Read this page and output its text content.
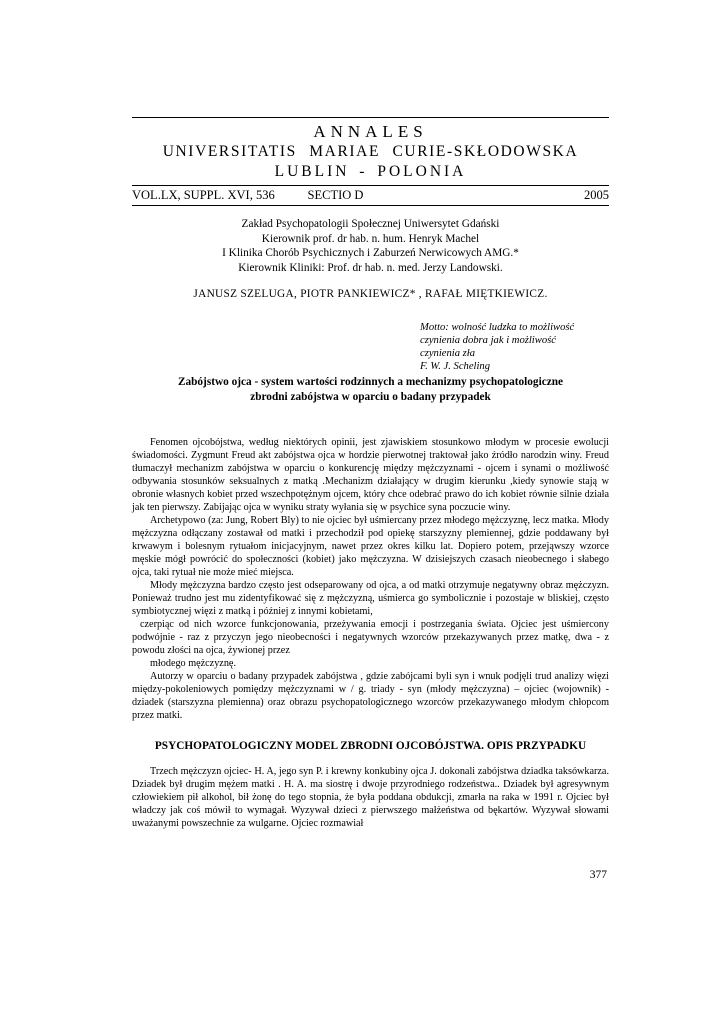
ANNALES
UNIVERSITATIS MARIAE CURIE-SKŁODOWSKA
LUBLIN - POLONIA
VOL.LX, SUPPL. XVI, 536	SECTIO D	2005
Zakład Psychopatologii Społecznej Uniwersytet Gdański
Kierownik prof. dr hab. n. hum. Henryk Machel
I Klinika Chorób Psychicznych i Zaburzeń Nerwicowych AMG.*
Kierownik Kliniki: Prof. dr hab. n. med. Jerzy Landowski.
JANUSZ SZELUGA, PIOTR PANKIEWICZ* , RAFAŁ MIĘTKIEWICZ.
Motto: wolność ludzka to możliwość
czynienia dobra jak i możliwość
czynienia zła
F. W. J. Scheling
Zabójstwo ojca - system wartości rodzinnych a mechanizmy psychopatologiczne
zbrodni zabójstwa w oparciu o badany przypadek

Fenomen ojcobójstwa, według niektórych opinii, jest zjawiskiem stosunkowo młodym w procesie ewolucji świadomości. Zygmunt Freud akt zabójstwa ojca w hordzie pierwotnej traktował jako źródło narodzin winy. Freud tłumaczył mechanizm zabójstwa w oparciu o konkurencję między mężczyznami - ojcem i synami o możliwość odbywania stosunków seksualnych z matką .Mechanizm działający w drugim kierunku ,kiedy synowie stają w obronie własnych kobiet przed wszechpotężnym ojcem, który chce odebrać prawo do ich kobiet równie silnie działa jak ten pierwszy. Zabijając ojca w wyniku straty wyłania się w psychice syna poczucie winy.

Archetypowo (za: Jung, Robert Bly) to nie ojciec był uśmiercany przez młodego mężczyznę, lecz matka. Młody mężczyzna odłączany zostawał od matki i przechodził pod opiekę starszyzny plemiennej, gdzie poddawany był krwawym i bolesnym rytuałom inicjacyjnym, nawet przez okres kilku lat. Dopiero potem, przejąwszy wzorce męskie mógł powrócić do społeczności (kobiet) jako mężczyzna. W dzisiejszych czasach nieobecnego i słabego ojca, taki rytuał nie może mieć miejsca.

Młody mężczyzna bardzo często jest odseparowany od ojca, a od matki otrzymuje negatywny obraz mężczyzn. Ponieważ trudno jest mu zidentyfikować się z mężczyzną, uśmierca go symbolicznie i pozostaje w bliskiej, często symbiotycznej więzi z matką i później z innymi kobietami,

czerpiąc od nich wzorce funkcjonowania, przeżywania emocji i postrzegania świata. Ojciec jest uśmiercony podwójnie - raz z przyczyn jego nieobecności i negatywnych wzorców przekazywanych przez matkę, dwa - z powodu złości na ojca, żywionej przez

młodego mężczyznę.

Autorzy w oparciu o badany przypadek zabójstwa , gdzie zabójcami byli syn i wnuk podjęli trud analizy więzi między-pokoleniowych pomiędzy mężczyznami w / g. triady - syn (młody mężczyzna) – ojciec (wojownik) - dziadek (starszyzna plemienna) oraz obrazu psychopatologicznego wzorców przekazywanego młodym chłopcom przez matki.

PSYCHOPATOLOGICZNY MODEL ZBRODNI OJCOBÓJSTWA. OPIS PRZYPADKU

Trzech mężczyzn ojciec- H. A, jego syn P. i krewny konkubiny ojca J. dokonali zabójstwa dziadka taksówkarza. Dziadek był drugim mężem matki . H. A. ma siostrę i dwoje przyrodniego rodzeństwa.. Dziadek był agresywnym człowiekiem pił alkohol, bił żonę do tego stopnia, że była poddana obdukcji, zmarła na raka w 1991 r. Ojciec był władczy jak coś mówił to wymagał. Wyzywał dzieci z pierwszego małżeństwa od bękartów. Wyzywał słowami uważanymi powszechnie za wulgarne. Ojciec rozmawiał

377
